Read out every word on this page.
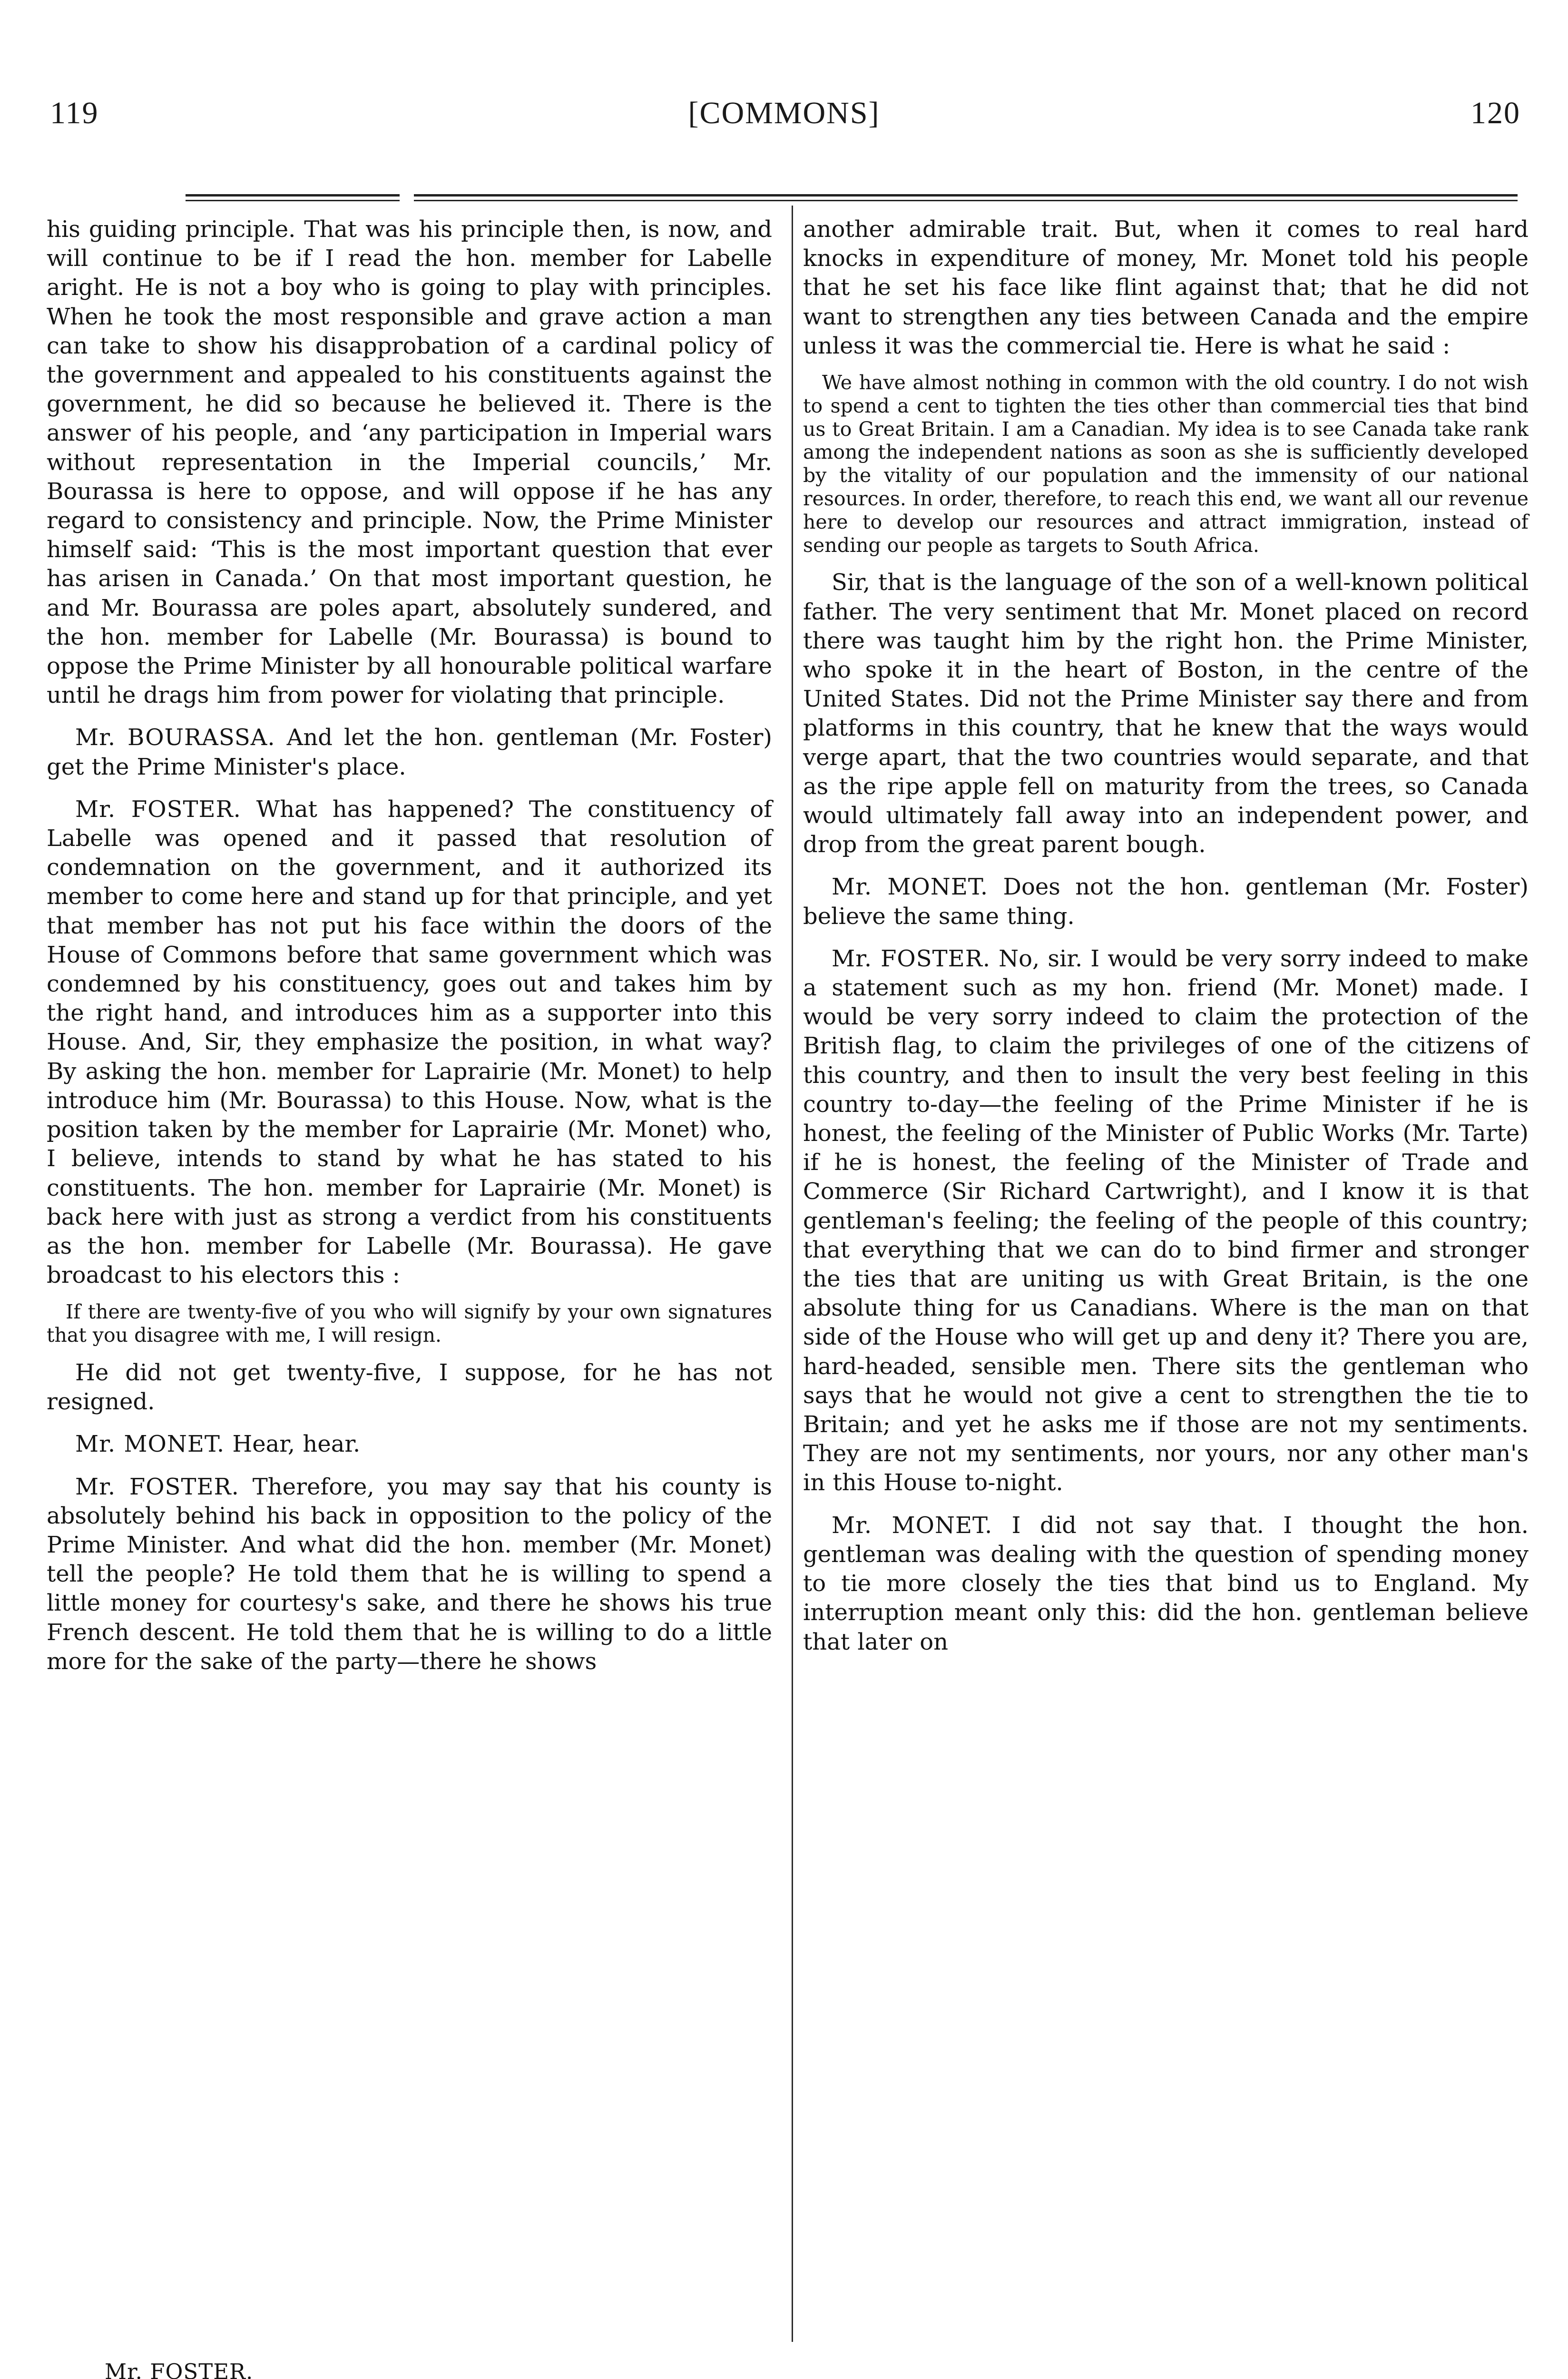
119	[COMMONS]	120

his guiding principle. That was his principle then, is now, and will continue to be if I read the hon. member for Labelle aright. He is not a boy who is going to play with principles. When he took the most responsible and grave action a man can take to show his disapprobation of a cardinal policy of the government and appealed to his constituents against the government, he did so because he believed it. There is the answer of his people, and ‘any participation in Imperial wars without representation in the Imperial councils,’ Mr. Bourassa is here to oppose, and will oppose if he has any regard to consistency and principle. Now, the Prime Minister himself said: ‘This is the most important question that ever has arisen in Canada.’ On that most important question, he and Mr. Bourassa are poles apart, absolutely sundered, and the hon. member for Labelle (Mr. Bourassa) is bound to oppose the Prime Minister by all honourable political warfare until he drags him from power for violating that principle.

Mr. BOURASSA. And let the hon. gentleman (Mr. Foster) get the Prime Minister's place.

Mr. FOSTER. What has happened? The constituency of Labelle was opened and it passed that resolution of condemnation on the government, and it authorized its member to come here and stand up for that principle, and yet that member has not put his face within the doors of the House of Commons before that same government which was condemned by his constituency, goes out and takes him by the right hand, and introduces him as a supporter into this House. And, Sir, they emphasize the position, in what way? By asking the hon. member for Laprairie (Mr. Monet) to help introduce him (Mr. Bourassa) to this House. Now, what is the position taken by the member for Laprairie (Mr. Monet) who, I believe, intends to stand by what he has stated to his constituents. The hon. member for Laprairie (Mr. Monet) is back here with just as strong a verdict from his constituents as the hon. member for Labelle (Mr. Bourassa). He gave broadcast to his electors this :

If there are twenty-five of you who will signify by your own signatures that you disagree with me, I will resign.

He did not get twenty-five, I suppose, for he has not resigned.

Mr. MONET. Hear, hear.

Mr. FOSTER. Therefore, you may say that his county is absolutely behind his back in opposition to the policy of the Prime Minister. And what did the hon. member (Mr. Monet) tell the people? He told them that he is willing to spend a little money for courtesy's sake, and there he shows his true French descent. He told them that he is willing to do a little more for the sake of the party—there he shows

another admirable trait. But, when it comes to real hard knocks in expenditure of money, Mr. Monet told his people that he set his face like flint against that; that he did not want to strengthen any ties between Canada and the empire unless it was the commercial tie. Here is what he said :

We have almost nothing in common with the old country. I do not wish to spend a cent to tighten the ties other than commercial ties that bind us to Great Britain. I am a Canadian. My idea is to see Canada take rank among the independent nations as soon as she is sufficiently developed by the vitality of our population and the immensity of our national resources. In order, therefore, to reach this end, we want all our revenue here to develop our resources and attract immigration, instead of sending our people as targets to South Africa.

Sir, that is the language of the son of a well-known political father. The very sentiment that Mr. Monet placed on record there was taught him by the right hon. the Prime Minister, who spoke it in the heart of Boston, in the centre of the United States. Did not the Prime Minister say there and from platforms in this country, that he knew that the ways would verge apart, that the two countries would separate, and that as the ripe apple fell on maturity from the trees, so Canada would ultimately fall away into an independent power, and drop from the great parent bough.

Mr. MONET. Does not the hon. gentleman (Mr. Foster) believe the same thing.

Mr. FOSTER. No, sir. I would be very sorry indeed to make a statement such as my hon. friend (Mr. Monet) made. I would be very sorry indeed to claim the protection of the British flag, to claim the privileges of one of the citizens of this country, and then to insult the very best feeling in this country to-day—the feeling of the Prime Minister if he is honest, the feeling of the Minister of Public Works (Mr. Tarte) if he is honest, the feeling of the Minister of Trade and Commerce (Sir Richard Cartwright), and I know it is that gentleman's feeling; the feeling of the people of this country; that everything that we can do to bind firmer and stronger the ties that are uniting us with Great Britain, is the one absolute thing for us Canadians. Where is the man on that side of the House who will get up and deny it? There you are, hard-headed, sensible men. There sits the gentleman who says that he would not give a cent to strengthen the tie to Britain; and yet he asks me if those are not my sentiments. They are not my sentiments, nor yours, nor any other man's in this House to-night.

Mr. MONET. I did not say that. I thought the hon. gentleman was dealing with the question of spending money to tie more closely the ties that bind us to England. My interruption meant only this: did the hon. gentleman believe that later on

Mr. FOSTER.
